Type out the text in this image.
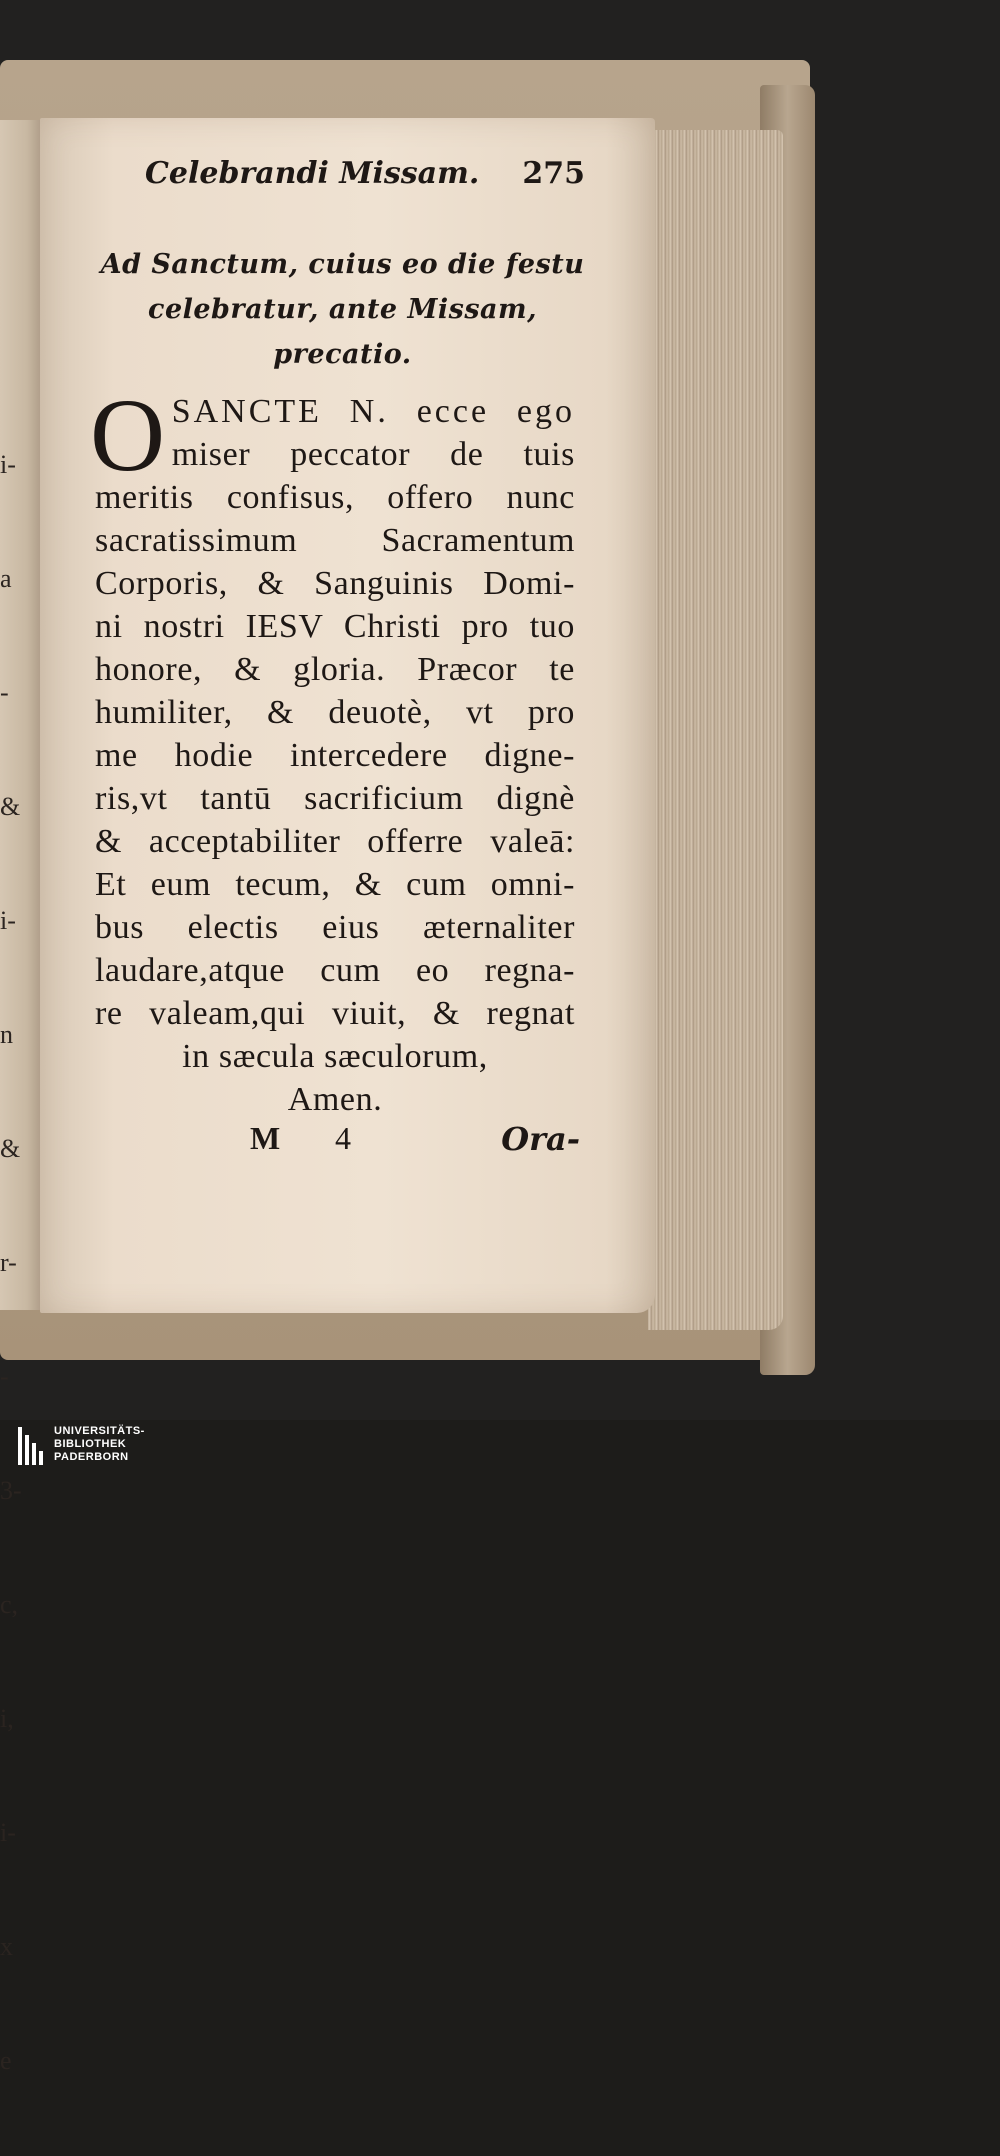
i-

a

-

&

i-

n

&

r-

-

3-

c,

i,

i-

x

e

Celebrandi Missam. 275
Ad Sanctum, cuius eo die festu
celebratur, ante Missam,
precatio.
O SANCTE N. ecce ego
miser peccator de tuis
meritis confisus, offero nunc
sacratissimum Sacramentum
Corporis, & Sanguinis Domi-
ni nostri IESV Christi pro tuo
honore, & gloria. Præcor te
humiliter, & deuotè, vt pro
me hodie intercedere digne-
ris,vt tantū sacrificium dignè
& acceptabiliter offerre valeā:
Et eum tecum, & cum omni-
bus electis eius æternaliter
laudare,atque cum eo regna-
re valeam,qui viuit, & regnat
in sæcula sæculorum,
Amen.
M 4	Ora-
UNIVERSITÄTS-
BIBLIOTHEK
PADERBORN
